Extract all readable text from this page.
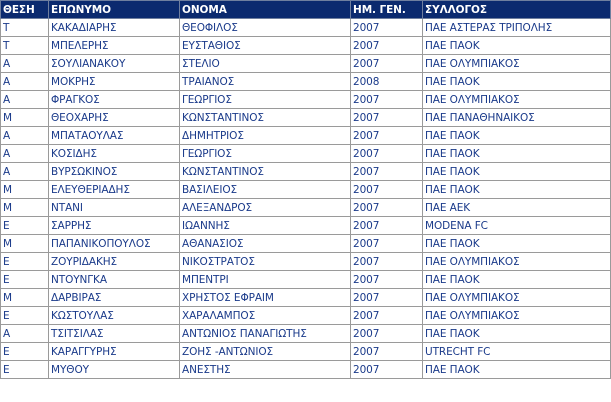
ΘΕΣΗ	ΕΠΩΝΥΜΟ	ΟΝΟΜΑ	ΗΜ. ΓΕΝ.	ΣΥΛΛΟΓΟΣ
Τ	ΚΑΚΑΔΙΑΡΗΣ	ΘΕΟΦΙΛΟΣ	2007	ΠΑΕ ΑΣΤΕΡΑΣ ΤΡΙΠΟΛΗΣ
Τ	ΜΠΕΛΕΡΗΣ	ΕΥΣΤΑΘΙΟΣ	2007	ΠΑΕ ΠΑΟΚ
Α	ΣΟΥΛΙΑΝΑΚΟΥ	ΣΤΕΛΙΟ	2007	ΠΑΕ ΟΛΥΜΠΙΑΚΟΣ
Α	ΜΟΚΡΗΣ	ΤΡΑΙΑΝΟΣ	2008	ΠΑΕ ΠΑΟΚ
Α	ΦΡΑΓΚΟΣ	ΓΕΩΡΓΙΟΣ	2007	ΠΑΕ ΟΛΥΜΠΙΑΚΟΣ
Μ	ΘΕΟΧΑΡΗΣ	ΚΩΝΣΤΑΝΤΙΝΟΣ	2007	ΠΑΕ ΠΑΝΑΘΗΝΑΙΚΟΣ
Α	ΜΠΑΤΑΟΥΛΑΣ	ΔΗΜΗΤΡΙΟΣ	2007	ΠΑΕ ΠΑΟΚ
Α	ΚΟΣΙΔΗΣ	ΓΕΩΡΓΙΟΣ	2007	ΠΑΕ ΠΑΟΚ
Α	ΒΥΡΣΩΚΙΝΟΣ	ΚΩΝΣΤΑΝΤΙΝΟΣ	2007	ΠΑΕ ΠΑΟΚ
Μ	ΕΛΕΥΘΕΡΙΑΔΗΣ	ΒΑΣΙΛΕΙΟΣ	2007	ΠΑΕ ΠΑΟΚ
Μ	ΝΤΑΝΙ	ΑΛΕΞΑΝΔΡΟΣ	2007	ΠΑΕ ΑΕΚ
Ε	ΣΑΡΡΗΣ	ΙΩΑΝΝΗΣ	2007	MODENA FC
Μ	ΠΑΠΑΝΙΚΟΠΟΥΛΟΣ	ΑΘΑΝΑΣΙΟΣ	2007	ΠΑΕ ΠΑΟΚ
Ε	ΖΟΥΡΙΔΑΚΗΣ	ΝΙΚΟΣΤΡΑΤΟΣ	2007	ΠΑΕ ΟΛΥΜΠΙΑΚΟΣ
Ε	ΝΤΟΥΝΓΚΑ	ΜΠΕΝΤΡΙ	2007	ΠΑΕ ΠΑΟΚ
Μ	ΔΑΡΒΙΡΑΣ	ΧΡΗΣΤΟΣ ΕΦΡΑΙΜ	2007	ΠΑΕ ΟΛΥΜΠΙΑΚΟΣ
Ε	ΚΩΣΤΟΥΛΑΣ	ΧΑΡΑΛΑΜΠΟΣ	2007	ΠΑΕ ΟΛΥΜΠΙΑΚΟΣ
Α	ΤΣΙΤΣΙΛΑΣ	ΑΝΤΩΝΙΟΣ ΠΑΝΑΓΙΩΤΗΣ	2007	ΠΑΕ ΠΑΟΚ
Ε	ΚΑΡΑΓΓΥΡΗΣ	ΖΟΗΣ -ΑΝΤΩΝΙΟΣ	2007	UTRECHT FC
Ε	ΜΥΘΟΥ	ΑΝΕΣΤΗΣ	2007	ΠΑΕ ΠΑΟΚ
